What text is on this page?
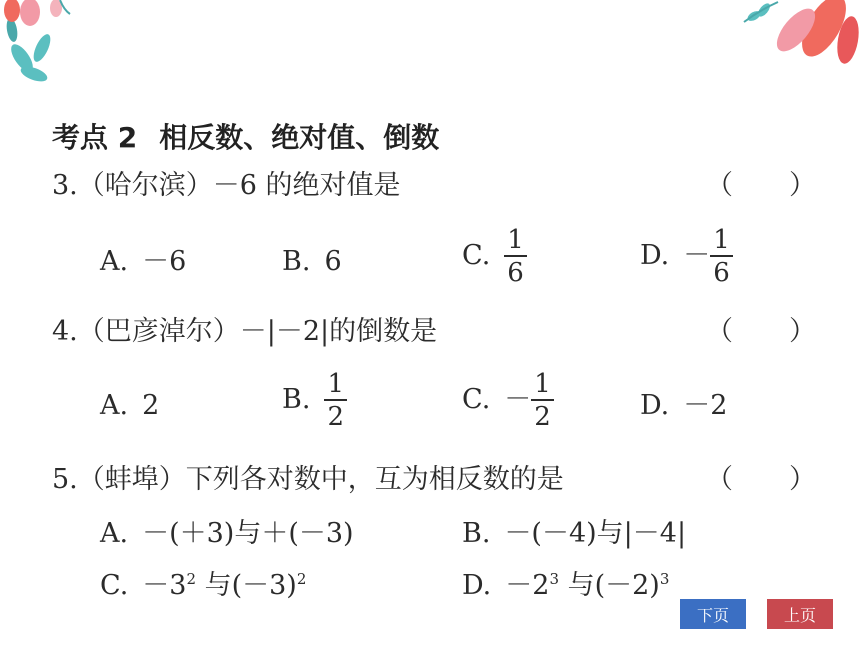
考点 2 相反数、绝对值、倒数
3.（哈尔滨）－6 的绝对值是	（ ）
A. －6	B. 6	C. $\frac{1}{6}$	D. － $\frac{1}{6}$
4.（巴彦淖尔）－|－2|的倒数是	（ ）
A. 2	B. $\frac{1}{2}$	C. － $\frac{1}{2}$	D. －2
5.（蚌埠）下列各对数中，互为相反数的是	（ ）
A. －(＋3)与＋(－3)	B. －(－4)与|－4|
C. $-3^2$ 与$(-3)^2$	D. $-2^3$ 与$(-2)^3$
下页	上页
